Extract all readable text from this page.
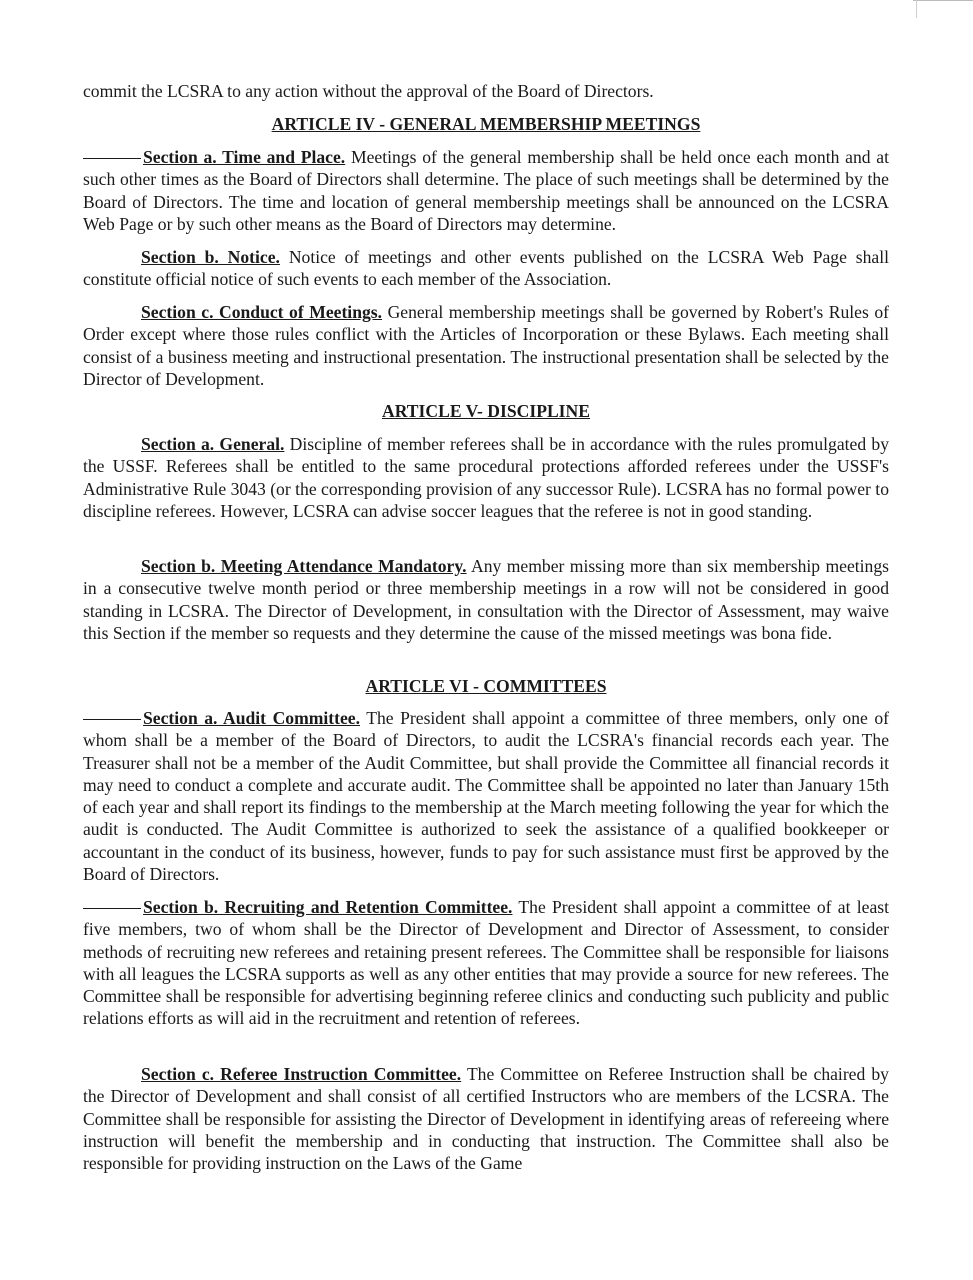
commit the LCSRA to any action without the approval of the Board of Directors.

ARTICLE IV - GENERAL MEMBERSHIP MEETINGS

Section a. Time and Place. Meetings of the general membership shall be held once each month and at such other times as the Board of Directors shall determine. The place of such meetings shall be determined by the Board of Directors. The time and location of general membership meetings shall be announced on the LCSRA Web Page or by such other means as the Board of Directors may determine.

Section b. Notice. Notice of meetings and other events published on the LCSRA Web Page shall constitute official notice of such events to each member of the Association.

Section c. Conduct of Meetings. General membership meetings shall be governed by Robert's Rules of Order except where those rules conflict with the Articles of Incorporation or these Bylaws. Each meeting shall consist of a business meeting and instructional presentation. The instructional presentation shall be selected by the Director of Development.

ARTICLE V- DISCIPLINE

Section a. General. Discipline of member referees shall be in accordance with the rules promulgated by the USSF. Referees shall be entitled to the same procedural protections afforded referees under the USSF's Administrative Rule 3043 (or the corresponding provision of any successor Rule). LCSRA has no formal power to discipline referees. However, LCSRA can advise soccer leagues that the referee is not in good standing.

Section b. Meeting Attendance Mandatory. Any member missing more than six membership meetings in a consecutive twelve month period or three membership meetings in a row will not be considered in good standing in LCSRA. The Director of Development, in consultation with the Director of Assessment, may waive this Section if the member so requests and they determine the cause of the missed meetings was bona fide.

ARTICLE VI - COMMITTEES

Section a. Audit Committee. The President shall appoint a committee of three members, only one of whom shall be a member of the Board of Directors, to audit the LCSRA's financial records each year. The Treasurer shall not be a member of the Audit Committee, but shall provide the Committee all financial records it may need to conduct a complete and accurate audit. The Committee shall be appointed no later than January 15th of each year and shall report its findings to the membership at the March meeting following the year for which the audit is conducted. The Audit Committee is authorized to seek the assistance of a qualified bookkeeper or accountant in the conduct of its business, however, funds to pay for such assistance must first be approved by the Board of Directors.

Section b. Recruiting and Retention Committee. The President shall appoint a committee of at least five members, two of whom shall be the Director of Development and Director of Assessment, to consider methods of recruiting new referees and retaining present referees. The Committee shall be responsible for liaisons with all leagues the LCSRA supports as well as any other entities that may provide a source for new referees. The Committee shall be responsible for advertising beginning referee clinics and conducting such publicity and public relations efforts as will aid in the recruitment and retention of referees.

Section c. Referee Instruction Committee. The Committee on Referee Instruction shall be chaired by the Director of Development and shall consist of all certified Instructors who are members of the LCSRA. The Committee shall be responsible for assisting the Director of Development in identifying areas of refereeing where instruction will benefit the membership and in conducting that instruction. The Committee shall also be responsible for providing instruction on the Laws of the Game
